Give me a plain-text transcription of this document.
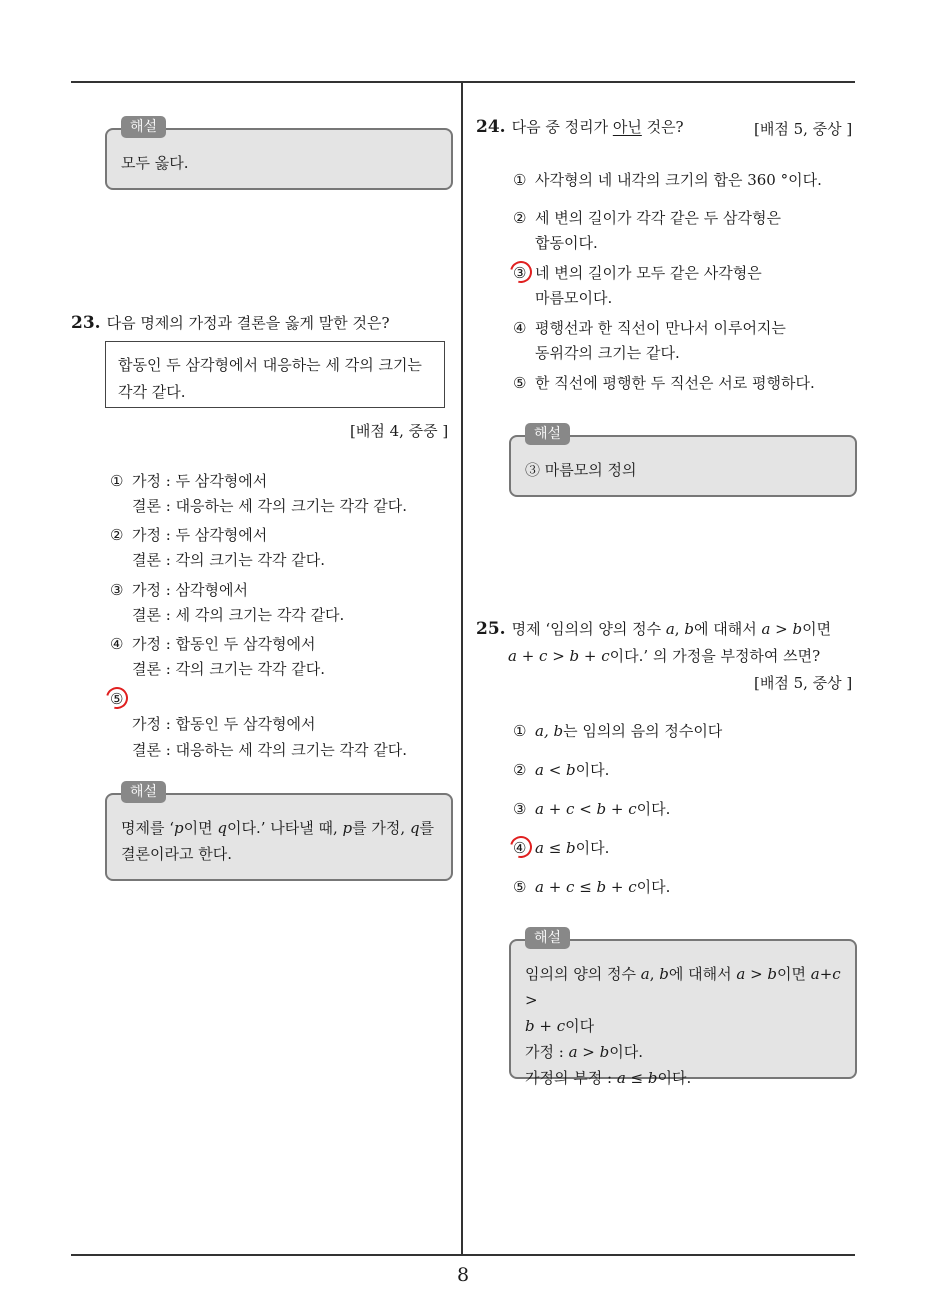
해설
모두 옳다.
23. 다음 명제의 가정과 결론을 옳게 말한 것은?
합동인 두 삼각형에서 대응하는 세 각의 크기는
각각 같다.
[배점 4, 중중 ]
① 가정 : 두 삼각형에서
결론 : 대응하는 세 각의 크기는 각각 같다.
② 가정 : 두 삼각형에서
결론 : 각의 크기는 각각 같다.
③ 가정 : 삼각형에서
결론 : 세 각의 크기는 각각 같다.
④ 가정 : 합동인 두 삼각형에서
결론 : 각의 크기는 각각 같다.
⑤
가정 : 합동인 두 삼각형에서
결론 : 대응하는 세 각의 크기는 각각 같다.
해설
명제를 ‘p이면 q이다.’ 나타낼 때, p를 가정, q를
결론이라고 한다.
24. 다음 중 정리가 아닌 것은?	[배점 5, 중상 ]
① 사각형의 네 내각의 크기의 합은 360 °이다.
② 세 변의 길이가 각각 같은 두 삼각형은
합동이다.
③ 네 변의 길이가 모두 같은 사각형은
마름모이다.
④ 평행선과 한 직선이 만나서 이루어지는
동위각의 크기는 같다.
⑤ 한 직선에 평행한 두 직선은 서로 평행하다.
해설
③ 마름모의 정의
25. 명제 ‘임의의 양의 정수 a, b에 대해서 a > b이면
a + c > b + c이다.’ 의 가정을 부정하여 쓰면?
[배점 5, 중상 ]
① a, b는 임의의 음의 정수이다
② a < b이다.
③ a + c < b + c이다.
④ a ≤ b이다.
⑤ a + c ≤ b + c이다.
해설
임의의 양의 정수 a, b에 대해서 a > b이면 a+c >
b + c이다
가정 : a > b이다.
가정의 부정 : a ≤ b이다.
8
